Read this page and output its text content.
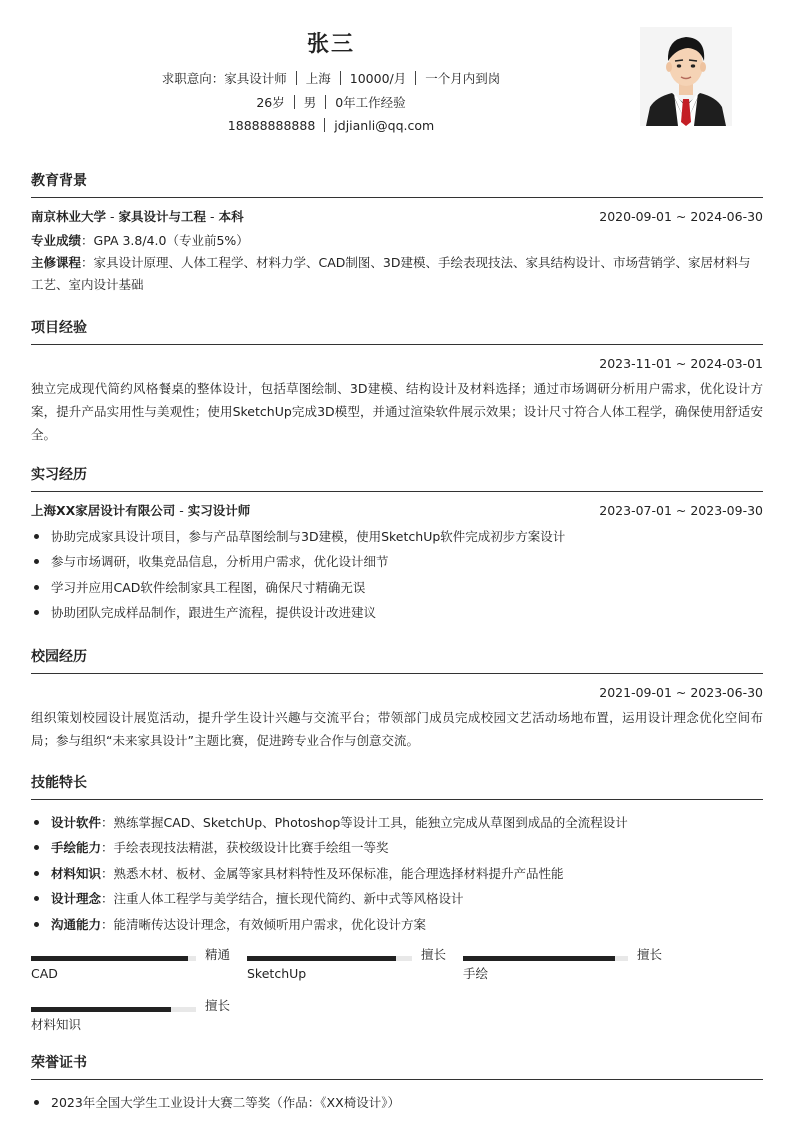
张三
求职意向：家具设计师 上海 10000/月 一个月内到岗
26岁 男 0年工作经验
18888888888 jdjianli@qq.com
教育背景
南京林业大学 - 家具设计与工程 - 本科	2020-09-01 ~ 2024-06-30
专业成绩：GPA 3.8/4.0（专业前5%）
主修课程：家具设计原理、人体工程学、材料力学、CAD制图、3D建模、手绘表现技法、家具结构设计、市场营销学、家居材料与工艺、室内设计基础
项目经验
2023-11-01 ~ 2024-03-01
独立完成现代简约风格餐桌的整体设计，包括草图绘制、3D建模、结构设计及材料选择；通过市场调研分析用户需求，优化设计方案，提升产品实用性与美观性；使用SketchUp完成3D模型，并通过渲染软件展示效果；设计尺寸符合人体工程学，确保使用舒适安全。
实习经历
上海XX家居设计有限公司 - 实习设计师	2023-07-01 ~ 2023-09-30
协助完成家具设计项目，参与产品草图绘制与3D建模，使用SketchUp软件完成初步方案设计
参与市场调研，收集竞品信息，分析用户需求，优化设计细节
学习并应用CAD软件绘制家具工程图，确保尺寸精确无误
协助团队完成样品制作，跟进生产流程，提供设计改进建议
校园经历
2021-09-01 ~ 2023-06-30
组织策划校园设计展览活动，提升学生设计兴趣与交流平台；带领部门成员完成校园文艺活动场地布置，运用设计理念优化空间布局；参与组织“未来家具设计”主题比赛，促进跨专业合作与创意交流。
技能特长
设计软件：熟练掌握CAD、SketchUp、Photoshop等设计工具，能独立完成从草图到成品的全流程设计
手绘能力：手绘表现技法精湛，获校级设计比赛手绘组一等奖
材料知识：熟悉木材、板材、金属等家具材料特性及环保标准，能合理选择材料提升产品性能
设计理念：注重人体工程学与美学结合，擅长现代简约、新中式等风格设计
沟通能力：能清晰传达设计理念，有效倾听用户需求，优化设计方案
精通
CAD
擅长
SketchUp
擅长
手绘
擅长
材料知识
荣誉证书
2023年全国大学生工业设计大赛二等奖（作品：《XX椅设计》）
